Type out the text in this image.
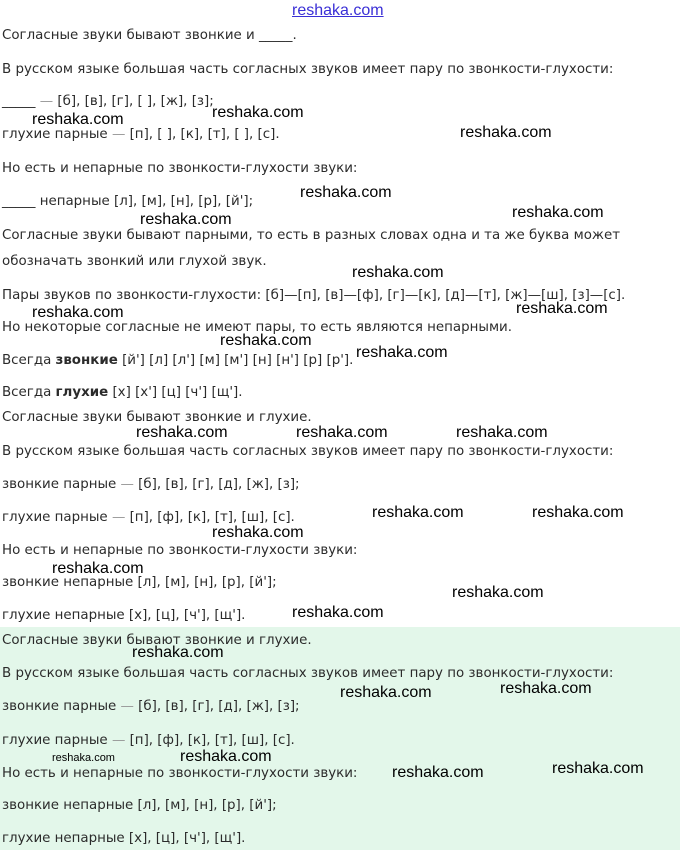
Согласные звуки бывают звонкие и _____.
В русском языке большая часть согласных звуков имеет пару по звонкости-глухости:
_____ — [б], [в], [г], [ ], [ж], [з];
глухие парные — [п], [ ], [к], [т], [ ], [с].
Но есть и непарные по звонкости-глухости звуки:
_____ непарные [л], [м], [н], [р], [й'];
Согласные звуки бывают парными, то есть в разных словах одна и та же буква может
обозначать звонкий или глухой звук.
Пары звуков по звонкости-глухости: [б]—[п], [в]—[ф], [г]—[к], [д]—[т], [ж]—[ш], [з]—[с].
Но некоторые согласные не имеют пары, то есть являются непарными.
Всегда звонкие [й'] [л] [л'] [м] [м'] [н] [н'] [р] [р'].
Всегда глухие [х] [х'] [ц] [ч'] [щ'].
Согласные звуки бывают звонкие и глухие.
В русском языке большая часть согласных звуков имеет пару по звонкости-глухости:
звонкие парные — [б], [в], [г], [д], [ж], [з];
глухие парные — [п], [ф], [к], [т], [ш], [с].
Но есть и непарные по звонкости-глухости звуки:
звонкие непарные [л], [м], [н], [р], [й'];
глухие непарные [х], [ц], [ч'], [щ'].
Согласные звуки бывают звонкие и глухие.
В русском языке большая часть согласных звуков имеет пару по звонкости-глухости:
звонкие парные — [б], [в], [г], [д], [ж], [з];
глухие парные — [п], [ф], [к], [т], [ш], [с].
Но есть и непарные по звонкости-глухости звуки:
звонкие непарные [л], [м], [н], [р], [й'];
глухие непарные [х], [ц], [ч'], [щ'].
reshaka.com
reshaka.com
reshaka.com
reshaka.com
reshaka.com
reshaka.com
reshaka.com
reshaka.com
reshaka.com
reshaka.com
reshaka.com
reshaka.com
reshaka.com	reshaka.com	reshaka.com
reshaka.com	reshaka.com
reshaka.com
reshaka.com
reshaka.com
reshaka.com
reshaka.com
reshaka.com
reshaka.com
reshaka.com	reshaka.com
reshaka.com
reshaka.com
